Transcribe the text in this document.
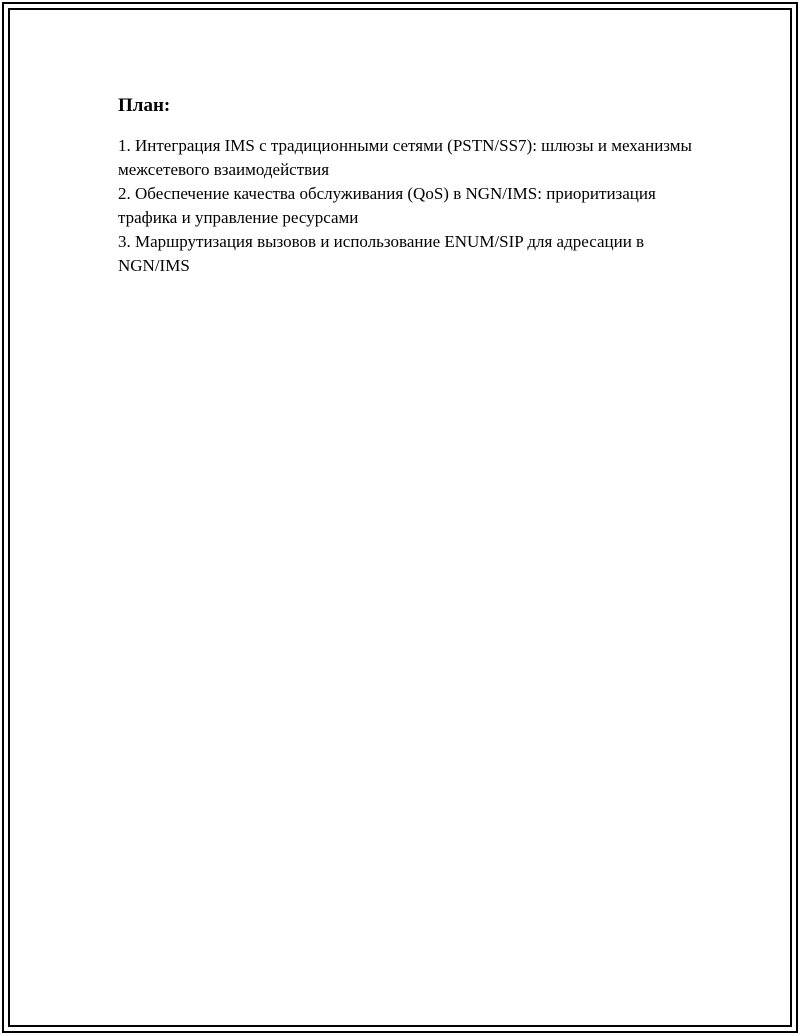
План:
1. Интеграция IMS с традиционными сетями (PSTN/SS7): шлюзы и механизмы межсетевого взаимодействия
2. Обеспечение качества обслуживания (QoS) в NGN/IMS: приоритизация трафика и управление ресурсами
3. Маршрутизация вызовов и использование ENUM/SIP для адресации в NGN/IMS
